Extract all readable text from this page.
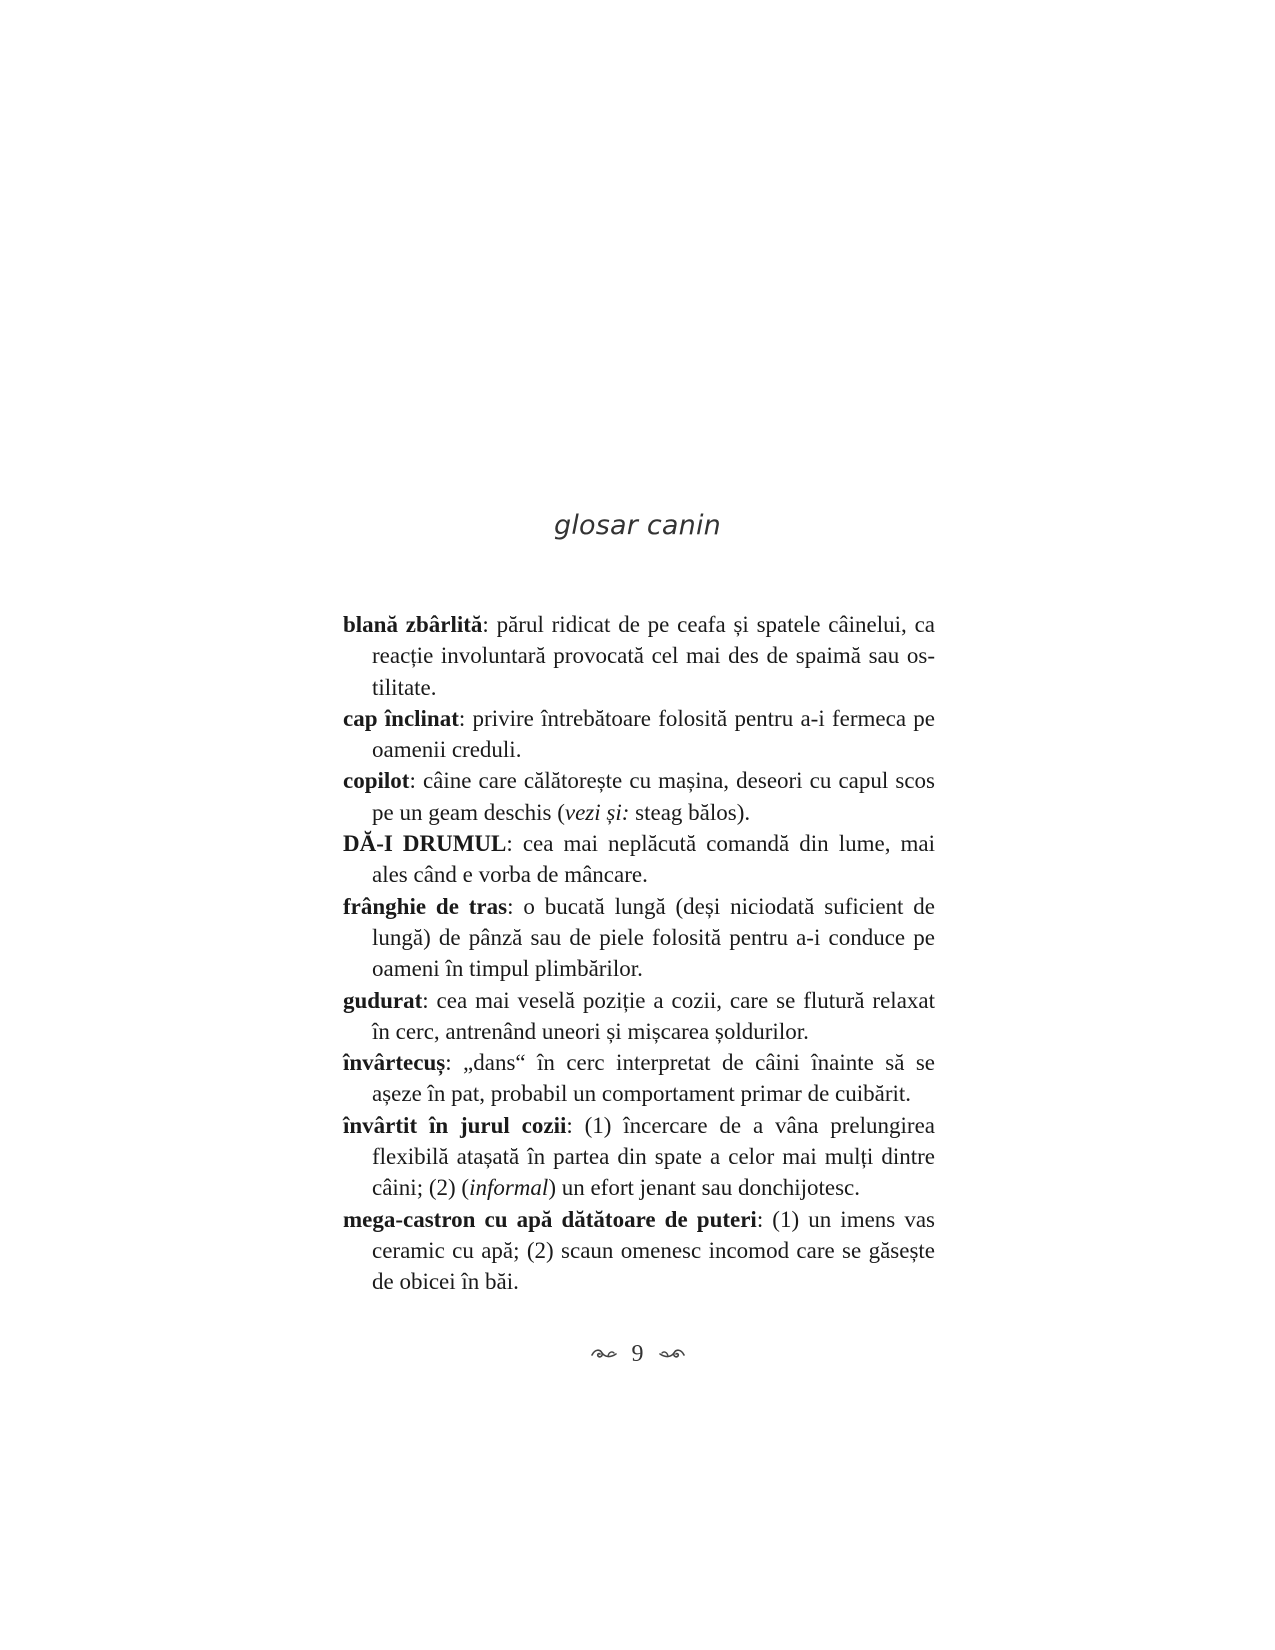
glosar canin

blană zbârlită: părul ridicat de pe ceafa și spatele câinelui, ca reacție involuntară provocată cel mai des de spaimă sau ostilitate.

cap înclinat: privire întrebătoare folosită pentru a-i fermeca pe oamenii creduli.

copilot: câine care călătorește cu mașina, deseori cu capul scos pe un geam deschis (vezi și: steag bălos).

DĂ-I DRUMUL: cea mai neplăcută comandă din lume, mai ales când e vorba de mâncare.

frânghie de tras: o bucată lungă (deși niciodată suficient de lungă) de pânză sau de piele folosită pentru a-i conduce pe oameni în timpul plimbărilor.

gudurat: cea mai veselă poziție a cozii, care se flutură relaxat în cerc, antrenând uneori și mișcarea șoldurilor.

învârtecuș: „dans“ în cerc interpretat de câini înainte să se așeze în pat, probabil un comportament primar de cuibărit.

învârtit în jurul cozii: (1) încercare de a vâna prelungirea flexibilă atașată în partea din spate a celor mai mulți dintre câini; (2) (informal) un efort jenant sau donchijotesc.

mega-castron cu apă dătătoare de puteri: (1) un imens vas ceramic cu apă; (2) scaun omenesc incomod care se găsește de obicei în băi.

9
